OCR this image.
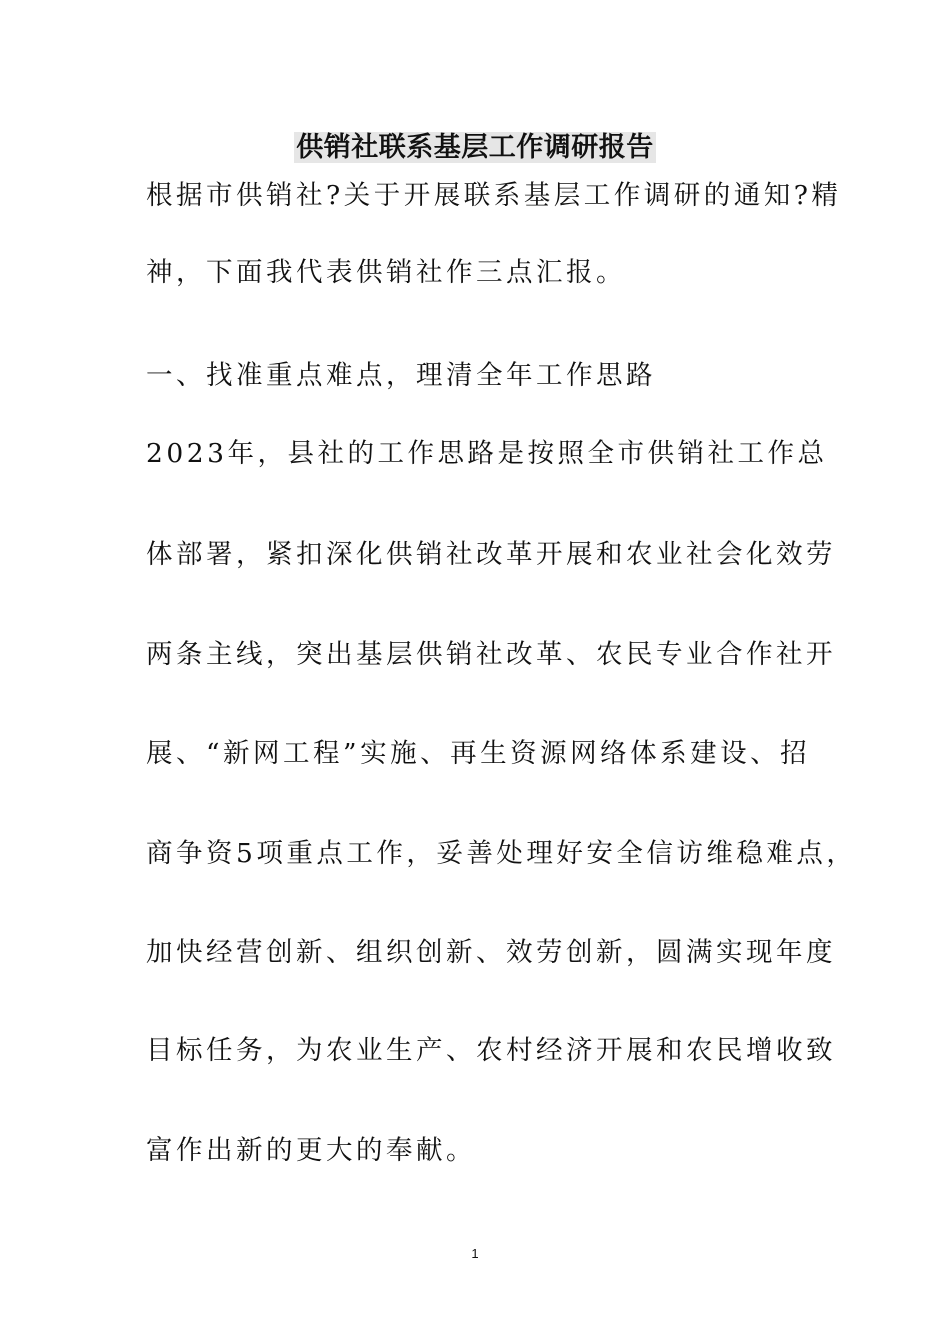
供销社联系基层工作调研报告
根据市供销社?关于开展联系基层工作调研的通知?精
神，下面我代表供销社作三点汇报。
一、找准重点难点，理清全年工作思路
2023年，县社的工作思路是按照全市供销社工作总
体部署，紧扣深化供销社改革开展和农业社会化效劳
两条主线，突出基层供销社改革、农民专业合作社开
展、“新网工程”实施、再生资源网络体系建设、招
商争资5项重点工作，妥善处理好安全信访维稳难点，
加快经营创新、组织创新、效劳创新，圆满实现年度
目标任务，为农业生产、农村经济开展和农民增收致
富作出新的更大的奉献。
1
